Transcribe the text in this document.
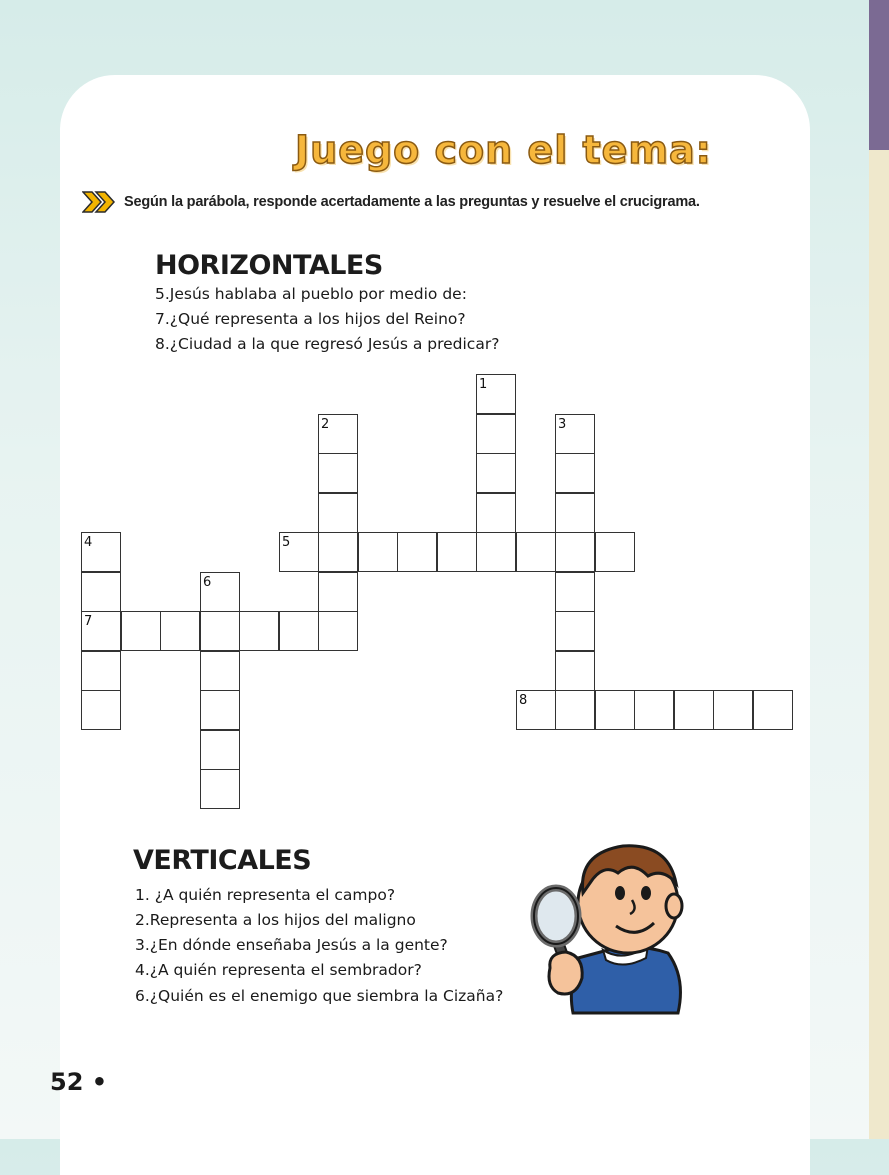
Juego con el tema:
Según la parábola, responde acertadamente a las preguntas y resuelve el crucigrama.
HORIZONTALES

5.Jesús hablaba al pueblo por medio de:

7.¿Qué representa a los hijos del Reino?

8.¿Ciudad a la que regresó Jesús a predicar?

1
2	3
4
7
5
6
8
VERTICALES

1. ¿A quién representa el campo?

2.Representa a los hijos del maligno

3.¿En dónde enseñaba Jesús a la gente?

4.¿A quién representa el sembrador?

6.¿Quién es el enemigo que siembra la Cizaña?

52 •
